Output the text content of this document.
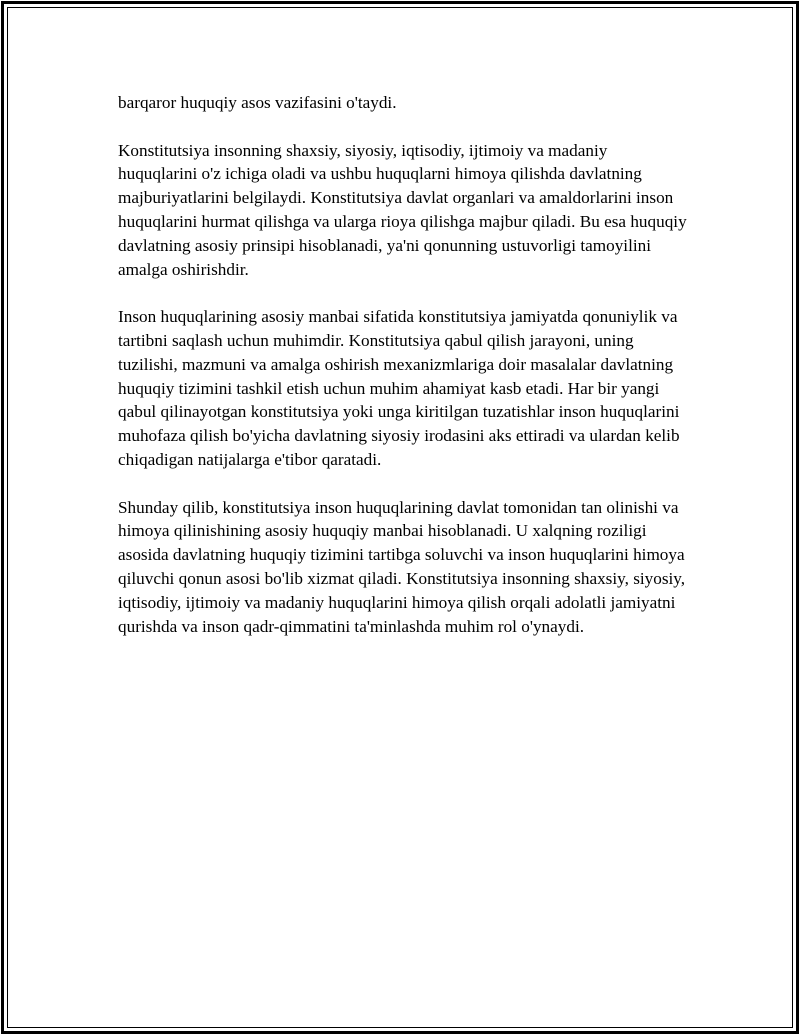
barqaror huquqiy asos vazifasini o'taydi.

Konstitutsiya insonning shaxsiy, siyosiy, iqtisodiy, ijtimoiy va madaniy huquqlarini o'z ichiga oladi va ushbu huquqlarni himoya qilishda davlatning majburiyatlarini belgilaydi. Konstitutsiya davlat organlari va amaldorlarini inson huquqlarini hurmat qilishga va ularga rioya qilishga majbur qiladi. Bu esa huquqiy davlatning asosiy prinsipi hisoblanadi, ya'ni qonunning ustuvorligi tamoyilini amalga oshirishdir.

Inson huquqlarining asosiy manbai sifatida konstitutsiya jamiyatda qonuniylik va tartibni saqlash uchun muhimdir. Konstitutsiya qabul qilish jarayoni, uning tuzilishi, mazmuni va amalga oshirish mexanizmlariga doir masalalar davlatning huquqiy tizimini tashkil etish uchun muhim ahamiyat kasb etadi. Har bir yangi qabul qilinayotgan konstitutsiya yoki unga kiritilgan tuzatishlar inson huquqlarini muhofaza qilish bo'yicha davlatning siyosiy irodasini aks ettiradi va ulardan kelib chiqadigan natijalarga e'tibor qaratadi.

Shunday qilib, konstitutsiya inson huquqlarining davlat tomonidan tan olinishi va himoya qilinishining asosiy huquqiy manbai hisoblanadi. U xalqning roziligi asosida davlatning huquqiy tizimini tartibga soluvchi va inson huquqlarini himoya qiluvchi qonun asosi bo'lib xizmat qiladi. Konstitutsiya insonning shaxsiy, siyosiy, iqtisodiy, ijtimoiy va madaniy huquqlarini himoya qilish orqali adolatli jamiyatni qurishda va inson qadr-qimmatini ta'minlashda muhim rol o'ynaydi.
